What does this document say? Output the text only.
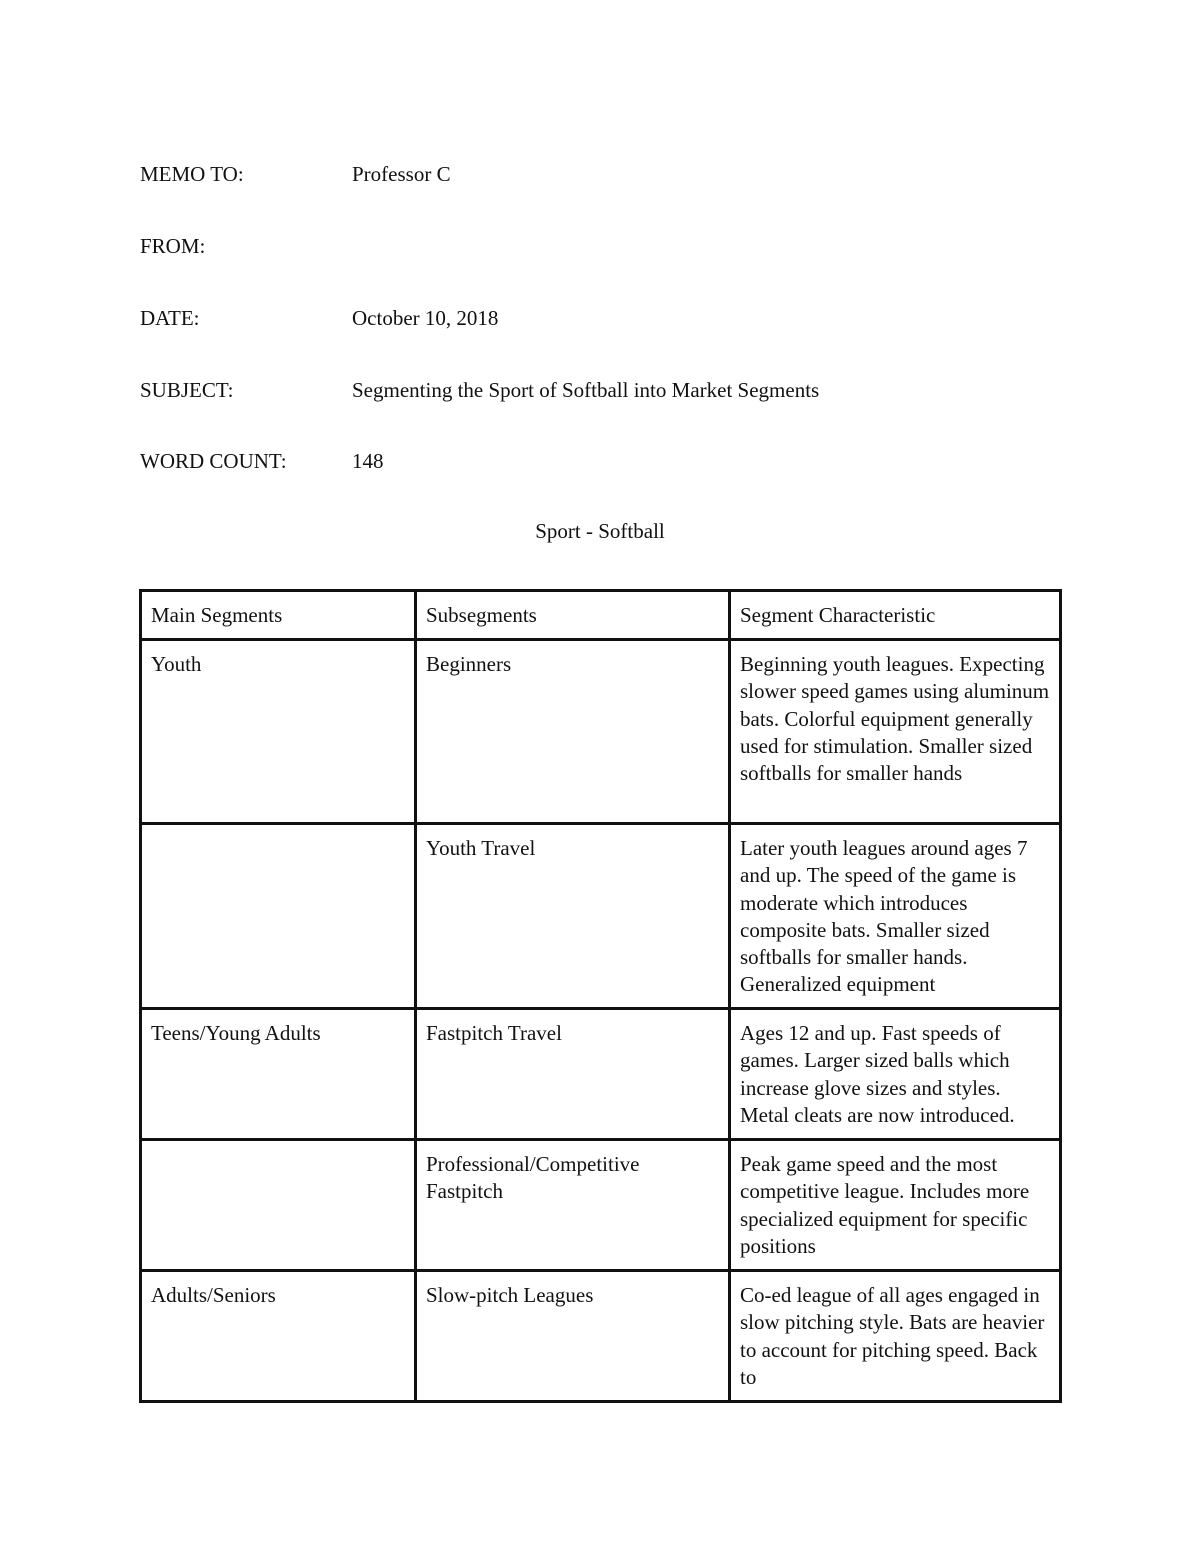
MEMO TO:	Professor C
FROM:
DATE:	October 10, 2018
SUBJECT:	Segmenting the Sport of Softball into Market Segments
WORD COUNT:	148
Sport - Softball
Main Segments	Subsegments	Segment Characteristic
Youth	Beginners	Beginning youth leagues. Expecting slower speed games using aluminum bats. Colorful equipment generally used for stimulation. Smaller sized softballs for smaller hands
	Youth Travel	Later youth leagues around ages 7 and up. The speed of the game is moderate which introduces composite bats. Smaller sized softballs for smaller hands. Generalized equipment
Teens/Young Adults	Fastpitch Travel	Ages 12 and up. Fast speeds of games. Larger sized balls which increase glove sizes and styles. Metal cleats are now introduced.
	Professional/Competitive Fastpitch	Peak game speed and the most competitive league. Includes more specialized equipment for specific positions
Adults/Seniors	Slow-pitch Leagues	Co-ed league of all ages engaged in slow pitching style. Bats are heavier to account for pitching speed. Back to
